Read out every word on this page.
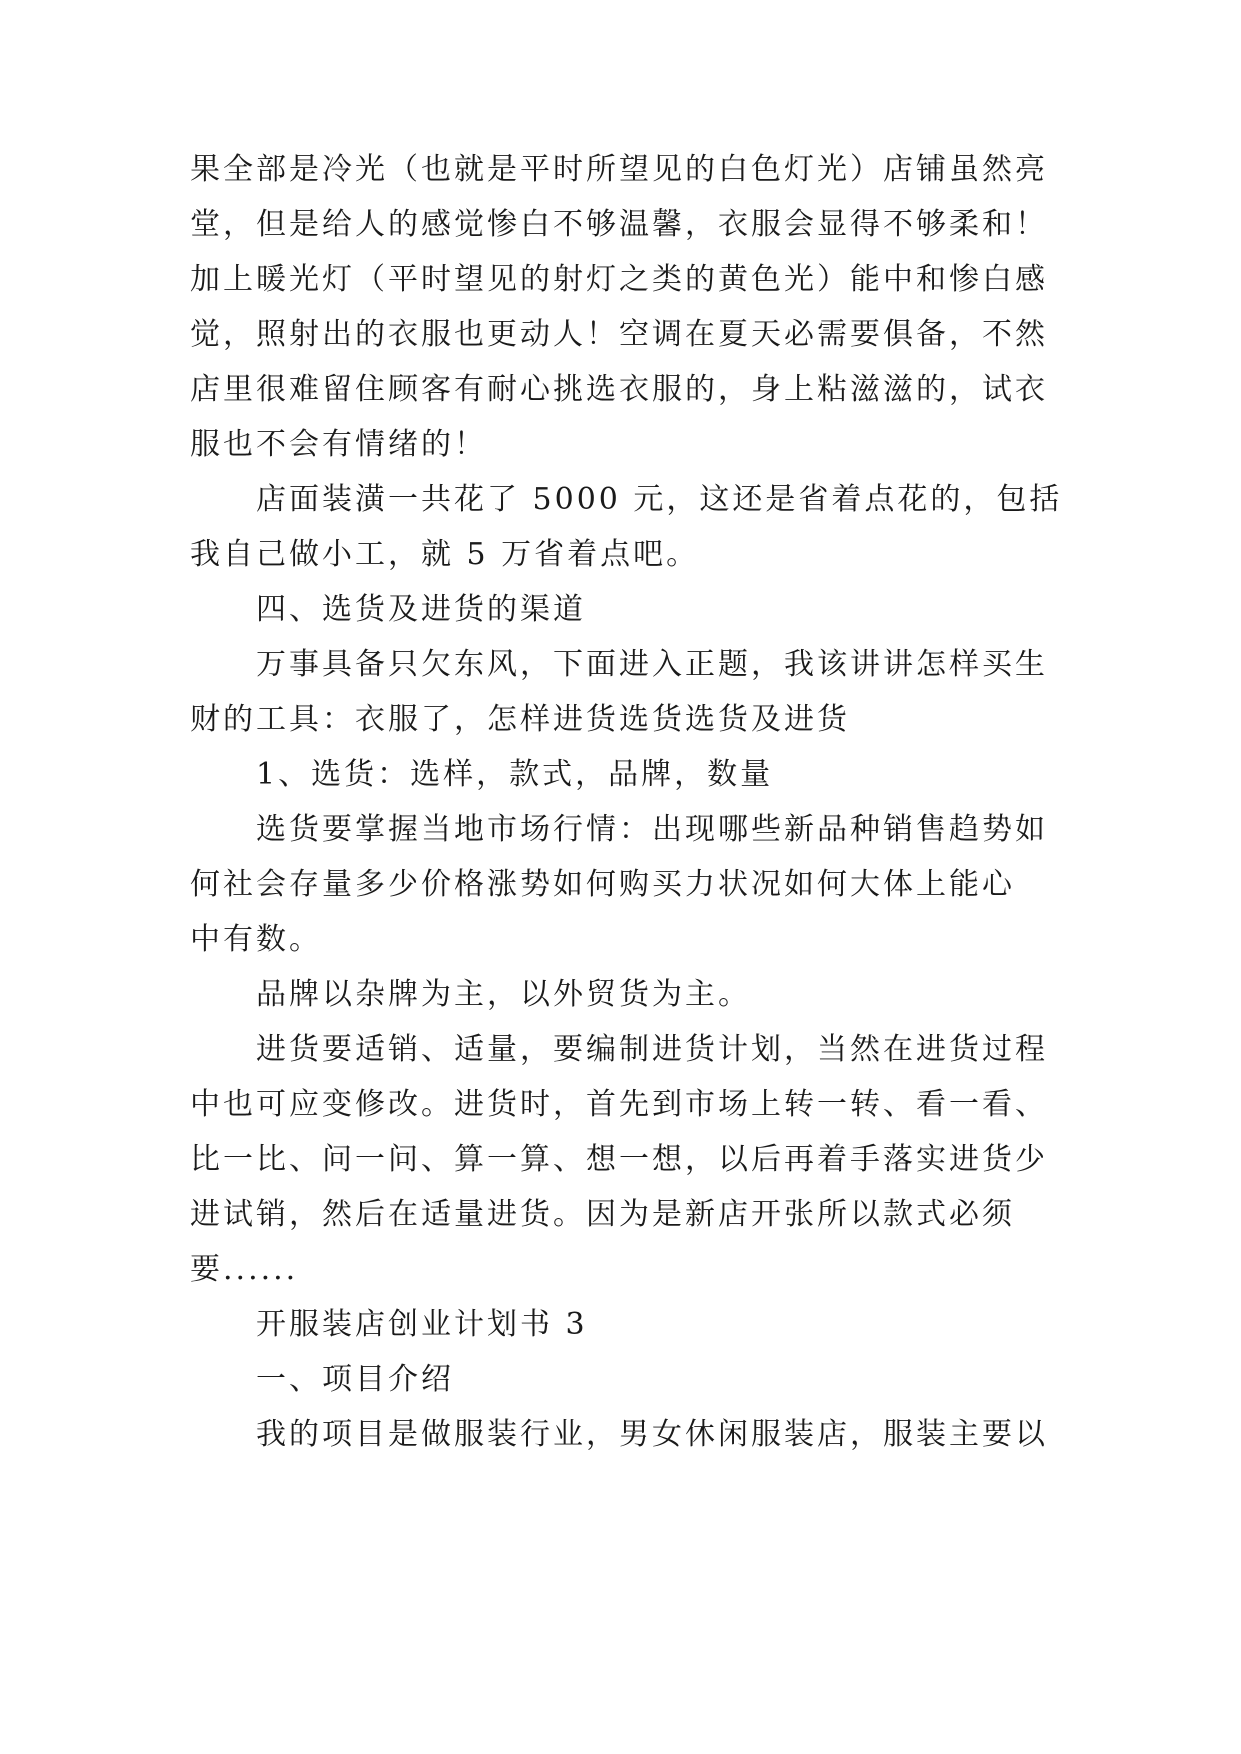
果全部是冷光（也就是平时所望见的白色灯光）店铺虽然亮
堂，但是给人的感觉惨白不够温馨，衣服会显得不够柔和！
加上暖光灯（平时望见的射灯之类的黄色光）能中和惨白感
觉，照射出的衣服也更动人！空调在夏天必需要俱备，不然
店里很难留住顾客有耐心挑选衣服的，身上粘滋滋的，试衣
服也不会有情绪的！
店面装潢一共花了 5000 元，这还是省着点花的，包括
我自己做小工，就 5 万省着点吧。
四、选货及进货的渠道
万事具备只欠东风，下面进入正题，我该讲讲怎样买生
财的工具：衣服了，怎样进货选货选货及进货
1、选货：选样，款式，品牌，数量
选货要掌握当地市场行情：出现哪些新品种销售趋势如
何社会存量多少价格涨势如何购买力状况如何大体上能心
中有数。
品牌以杂牌为主，以外贸货为主。
进货要适销、适量，要编制进货计划，当然在进货过程
中也可应变修改。进货时，首先到市场上转一转、看一看、
比一比、问一问、算一算、想一想，以后再着手落实进货少
进试销，然后在适量进货。因为是新店开张所以款式必须
要......
开服装店创业计划书 3
一、项目介绍
我的项目是做服装行业，男女休闲服装店，服装主要以
